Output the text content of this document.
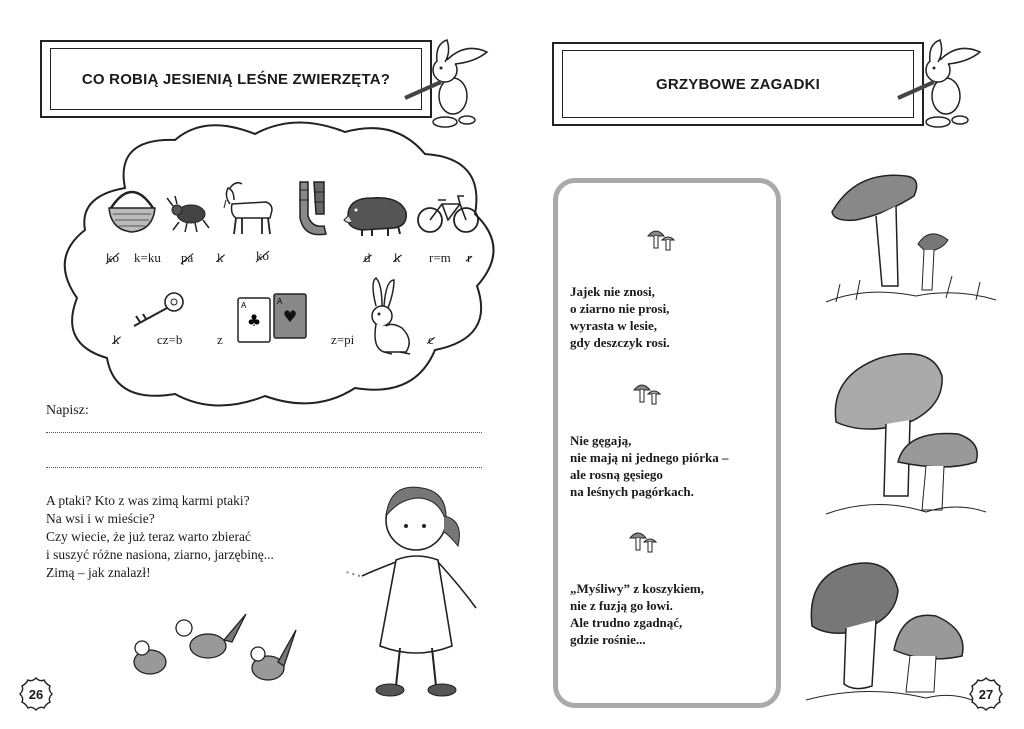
CO ROBIĄ JESIENIĄ LEŚNE ZWIERZĘTA?
ko k=ku pa k	ko	d k r=m r
A	A
♣ ♥
k	cz=b	z	z=pi	c
Napisz:
A ptaki? Kto z was zimą karmi ptaki?
Na wsi i w mieście?
Czy wiecie, że już teraz warto zbierać
i suszyć różne nasiona, ziarno, jarzębinę...
Zimą – jak znalazł!
26
GRZYBOWE ZAGADKI
Jajek nie znosi,
o ziarno nie prosi,
wyrasta w lesie,
gdy deszczyk rosi.
Nie gęgają,
nie mają ni jednego piórka –
ale rosną gęsiego
na leśnych pagórkach.
„Myśliwy” z koszykiem,
nie z fuzją go łowi.
Ale trudno zgadnąć,
gdzie rośnie...
27
